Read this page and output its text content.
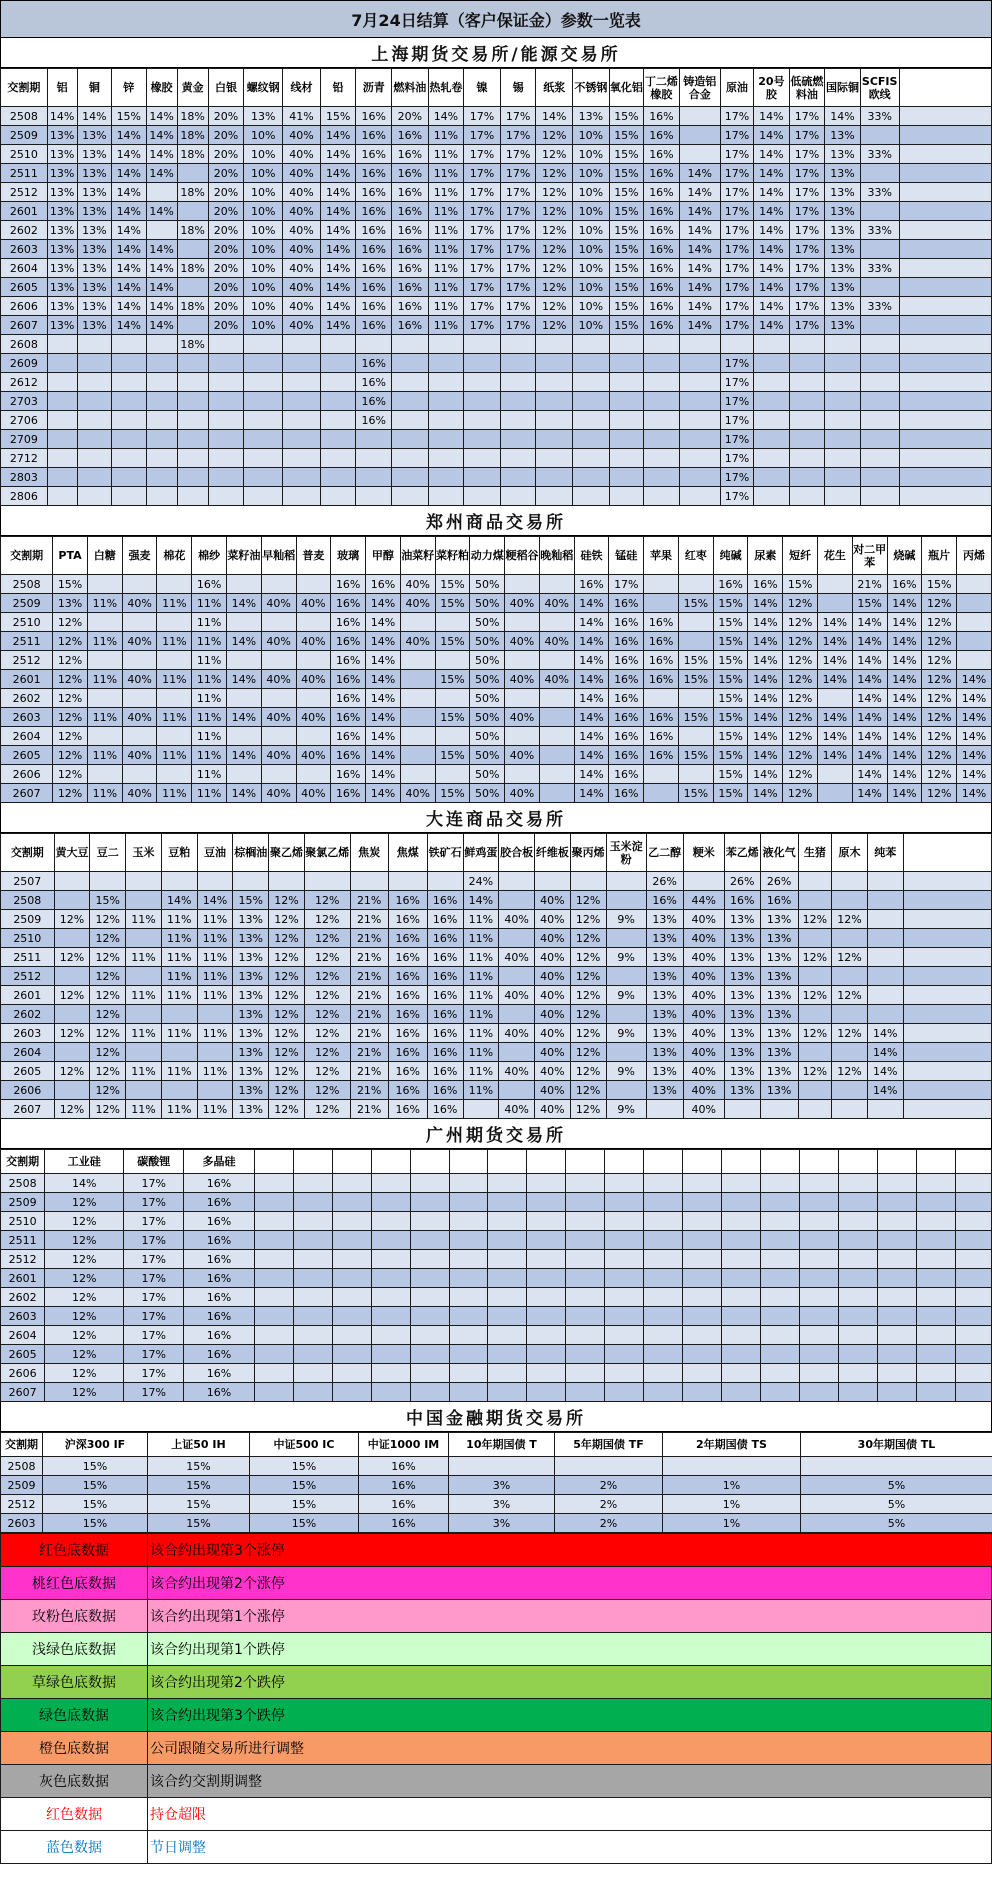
7月24日结算（客户保证金）参数一览表
上海期货交易所/能源交易所
交割期	铝	铜	锌	橡胶	黄金	白银	螺纹钢	线材	铅	沥青	燃料油	热轧卷	镍	锡	纸浆	不锈钢	氧化铝	丁二烯橡胶	铸造铝合金	原油	20号胶	低硫燃料油	国际铜	SCFIS欧线	
2508	14%	14%	15%	14%	18%	20%	13%	41%	15%	16%	20%	14%	17%	17%	14%	13%	15%	16%		17%	14%	17%	14%	33%	
2509	13%	13%	14%	14%	18%	20%	10%	40%	14%	16%	16%	11%	17%	17%	12%	10%	15%	16%		17%	14%	17%	13%		
2510	13%	13%	14%	14%	18%	20%	10%	40%	14%	16%	16%	11%	17%	17%	12%	10%	15%	16%		17%	14%	17%	13%	33%	
2511	13%	13%	14%	14%		20%	10%	40%	14%	16%	16%	11%	17%	17%	12%	10%	15%	16%	14%	17%	14%	17%	13%		
2512	13%	13%	14%		18%	20%	10%	40%	14%	16%	16%	11%	17%	17%	12%	10%	15%	16%	14%	17%	14%	17%	13%	33%	
2601	13%	13%	14%	14%		20%	10%	40%	14%	16%	16%	11%	17%	17%	12%	10%	15%	16%	14%	17%	14%	17%	13%		
2602	13%	13%	14%		18%	20%	10%	40%	14%	16%	16%	11%	17%	17%	12%	10%	15%	16%	14%	17%	14%	17%	13%	33%	
2603	13%	13%	14%	14%		20%	10%	40%	14%	16%	16%	11%	17%	17%	12%	10%	15%	16%	14%	17%	14%	17%	13%		
2604	13%	13%	14%	14%	18%	20%	10%	40%	14%	16%	16%	11%	17%	17%	12%	10%	15%	16%	14%	17%	14%	17%	13%	33%	
2605	13%	13%	14%	14%		20%	10%	40%	14%	16%	16%	11%	17%	17%	12%	10%	15%	16%	14%	17%	14%	17%	13%		
2606	13%	13%	14%	14%	18%	20%	10%	40%	14%	16%	16%	11%	17%	17%	12%	10%	15%	16%	14%	17%	14%	17%	13%	33%	
2607	13%	13%	14%	14%		20%	10%	40%	14%	16%	16%	11%	17%	17%	12%	10%	15%	16%	14%	17%	14%	17%	13%		
2608					18%																				
2609										16%										17%					
2612										16%										17%					
2703										16%										17%					
2706										16%										17%					
2709																				17%					
2712																				17%					
2803																				17%					
2806																				17%					
郑州商品交易所
交割期	PTA	白糖	强麦	棉花	棉纱	菜籽油	早籼稻	普麦	玻璃	甲醇	油菜籽	菜籽粕	动力煤	粳稻谷	晚籼稻	硅铁	锰硅	苹果	红枣	纯碱	尿素	短纤	花生	对二甲苯	烧碱	瓶片	丙烯
2508	15%				16%				16%	16%	40%	15%	50%			16%	17%			16%	16%	15%		21%	16%	15%	
2509	13%	11%	40%	11%	11%	14%	40%	40%	16%	14%	40%	15%	50%	40%	40%	14%	16%		15%	15%	14%	12%		15%	14%	12%	
2510	12%				11%				16%	14%			50%			14%	16%	16%		15%	14%	12%	14%	14%	14%	12%	
2511	12%	11%	40%	11%	11%	14%	40%	40%	16%	14%	40%	15%	50%	40%	40%	14%	16%	16%		15%	14%	12%	14%	14%	14%	12%	
2512	12%				11%				16%	14%			50%			14%	16%	16%	15%	15%	14%	12%	14%	14%	14%	12%	
2601	12%	11%	40%	11%	11%	14%	40%	40%	16%	14%		15%	50%	40%	40%	14%	16%	16%	15%	15%	14%	12%	14%	14%	14%	12%	14%
2602	12%				11%				16%	14%			50%			14%	16%			15%	14%	12%		14%	14%	12%	14%
2603	12%	11%	40%	11%	11%	14%	40%	40%	16%	14%		15%	50%	40%		14%	16%	16%	15%	15%	14%	12%	14%	14%	14%	12%	14%
2604	12%				11%				16%	14%			50%			14%	16%	16%		15%	14%	12%	14%	14%	14%	12%	14%
2605	12%	11%	40%	11%	11%	14%	40%	40%	16%	14%		15%	50%	40%		14%	16%	16%	15%	15%	14%	12%	14%	14%	14%	12%	14%
2606	12%				11%				16%	14%			50%			14%	16%			15%	14%	12%		14%	14%	12%	14%
2607	12%	11%	40%	11%	11%	14%	40%	40%	16%	14%	40%	15%	50%	40%		14%	16%		15%	15%	14%	12%		14%	14%	12%	14%
大连商品交易所
交割期	黄大豆	豆二	玉米	豆粕	豆油	棕榈油	聚乙烯	聚氯乙烯	焦炭	焦煤	铁矿石	鲜鸡蛋	胶合板	纤维板	聚丙烯	玉米淀粉	乙二醇	粳米	苯乙烯	液化气	生猪	原木	纯苯	
2507												24%					26%		26%	26%				
2508		15%		14%	14%	15%	12%	12%	21%	16%	16%	14%		40%	12%		16%	44%	16%	16%				
2509	12%	12%	11%	11%	11%	13%	12%	12%	21%	16%	16%	11%	40%	40%	12%	9%	13%	40%	13%	13%	12%	12%		
2510		12%		11%	11%	13%	12%	12%	21%	16%	16%	11%		40%	12%		13%	40%	13%	13%				
2511	12%	12%	11%	11%	11%	13%	12%	12%	21%	16%	16%	11%	40%	40%	12%	9%	13%	40%	13%	13%	12%	12%		
2512		12%		11%	11%	13%	12%	12%	21%	16%	16%	11%		40%	12%		13%	40%	13%	13%				
2601	12%	12%	11%	11%	11%	13%	12%	12%	21%	16%	16%	11%	40%	40%	12%	9%	13%	40%	13%	13%	12%	12%		
2602		12%				13%	12%	12%	21%	16%	16%	11%		40%	12%		13%	40%	13%	13%				
2603	12%	12%	11%	11%	11%	13%	12%	12%	21%	16%	16%	11%	40%	40%	12%	9%	13%	40%	13%	13%	12%	12%	14%	
2604		12%				13%	12%	12%	21%	16%	16%	11%		40%	12%		13%	40%	13%	13%			14%	
2605	12%	12%	11%	11%	11%	13%	12%	12%	21%	16%	16%	11%	40%	40%	12%	9%	13%	40%	13%	13%	12%	12%	14%	
2606		12%				13%	12%	12%	21%	16%	16%	11%		40%	12%		13%	40%	13%	13%			14%	
2607	12%	12%	11%	11%	11%	13%	12%	12%	21%	16%	16%		40%	40%	12%	9%		40%						
广州期货交易所
交割期	工业硅	碳酸锂	多晶硅																			
2508	14%	17%	16%																			
2509	12%	17%	16%																			
2510	12%	17%	16%																			
2511	12%	17%	16%																			
2512	12%	17%	16%																			
2601	12%	17%	16%																			
2602	12%	17%	16%																			
2603	12%	17%	16%																			
2604	12%	17%	16%																			
2605	12%	17%	16%																			
2606	12%	17%	16%																			
2607	12%	17%	16%																			
中国金融期货交易所
交割期	沪深300 IF	上证50 IH	中证500 IC	中证1000 IM	10年期国债 T	5年期国债 TF	2年期国债 TS	30年期国债 TL
2508	15%	15%	15%	16%				
2509	15%	15%	15%	16%	3%	2%	1%	5%
2512	15%	15%	15%	16%	3%	2%	1%	5%
2603	15%	15%	15%	16%	3%	2%	1%	5%
红色底数据	该合约出现第3个涨停
桃红色底数据	该合约出现第2个涨停
玫粉色底数据	该合约出现第1个涨停
浅绿色底数据	该合约出现第1个跌停
草绿色底数据	该合约出现第2个跌停
绿色底数据	该合约出现第3个跌停
橙色底数据	公司跟随交易所进行调整
灰色底数据	该合约交割期调整
红色数据	持仓超限
蓝色数据	节日调整
